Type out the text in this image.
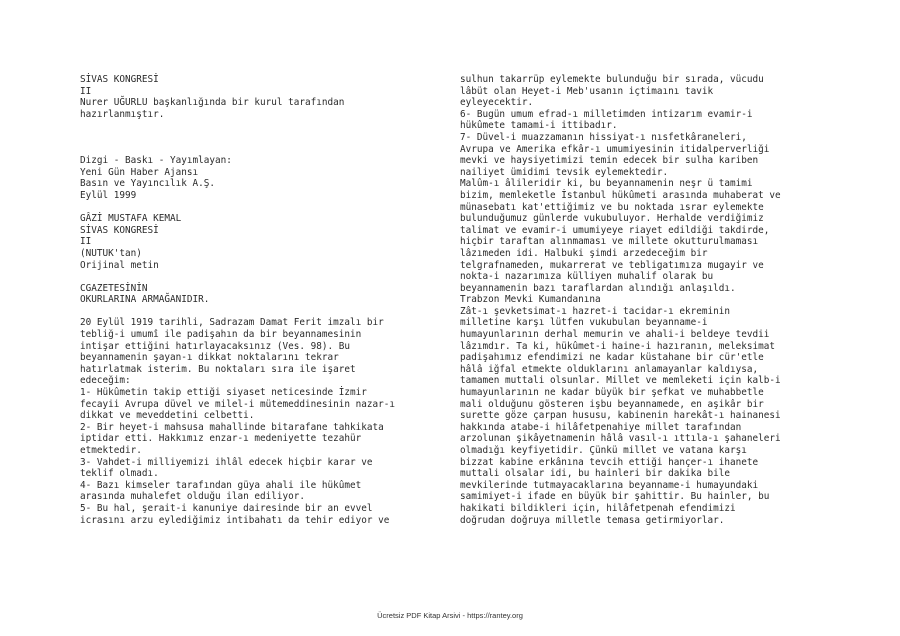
SİVAS KONGRESİ
II
Nurer UĞURLU başkanlığında bir kurul tarafından
hazırlanmıştır.
Dizgi - Baskı - Yayımlayan:
Yeni Gün Haber Ajansı
Basın ve Yayıncılık A.Ş.
Eylül 1999
GÂZİ MUSTAFA KEMAL
SİVAS KONGRESİ
II
(NUTUK'tan)
Orijinal metin
CGAZETESİNİN
OKURLARINA ARMAĞANIDIR.
20 Eylül 1919 tarihli, Sadrazam Damat Ferit imzalı bir
tebliğ-i umumî ile padişahın da bir beyannamesinin
intişar ettiğini hatırlayacaksınız (Ves. 98). Bu
beyannamenin şayan-ı dikkat noktalarını tekrar
hatırlatmak isterim. Bu noktaları sıra ile işaret
edeceğim:
1- Hükûmetin takip ettiği siyaset neticesinde İzmir
fecayii Avrupa düvel ve milel-i mütemeddinesinin nazar-ı
dikkat ve meveddetini celbetti.
2- Bir heyet-i mahsusa mahallinde bitarafane tahkikata
iptidar etti. Hakkımız enzar-ı medeniyette tezahür
etmektedir.
3- Vahdet-i milliyemizi ihlâl edecek hiçbir karar ve
teklif olmadı.
4- Bazı kimseler tarafından güya ahali ile hükûmet
arasında muhalefet olduğu ilan ediliyor.
5- Bu hal, şerait-i kanuniye dairesinde bir an evvel
icrasını arzu eylediğimiz intibahatı da tehir ediyor ve
sulhun takarrüp eylemekte bulunduğu bir sırada, vücudu
lâbüt olan Heyet-i Meb'usanın içtimaını tavik
eyleyecektir.
6- Bugün umum efrad-ı milletimden intizarım evamir-i
hükûmete tamami-i ittibadır.
7- Düvel-i muazzamanın hissiyat-ı nısfetkâraneleri,
Avrupa ve Amerika efkâr-ı umumiyesinin itidalperverliği
mevki ve haysiyetimizi temin edecek bir sulha kariben
nailiyet ümidimi tevsik eylemektedir.
Malûm-ı âlileridir ki, bu beyannamenin neşr ü tamimi
bizim, memleketle İstanbul hükûmeti arasında muhaberat ve
münasebatı kat'ettiğimiz ve bu noktada ısrar eylemekte
bulunduğumuz günlerde vukubuluyor. Herhalde verdiğimiz
talimat ve evamir-i umumiyeye riayet edildiği takdirde,
hiçbir taraftan alınmaması ve millete okutturulmaması
lâzımeden idi. Halbuki şimdi arzedeceğim bir
telgrafnameden, mukarrerat ve tebligatımıza mugayir ve
nokta-i nazarımıza külliyen muhalif olarak bu
beyannamenin bazı taraflardan alındığı anlaşıldı.
Trabzon Mevki Kumandanına
Zât-ı şevketsimat-ı hazret-i tacidar-ı ekreminin
milletine karşı lütfen vukubulan beyanname-i
humayunlarının derhal memurin ve ahali-i beldeye tevdii
lâzımdır. Ta ki, hükûmet-i haine-i hazıranın, meleksimat
padişahımız efendimizi ne kadar küstahane bir cür'etle
hâlâ iğfal etmekte olduklarını anlamayanlar kaldıysa,
tamamen muttali olsunlar. Millet ve memleketi için kalb-i
humayunlarının ne kadar büyük bir şefkat ve muhabbetle
mali olduğunu gösteren işbu beyannamede, en aşikâr bir
surette göze çarpan hususu, kabinenin harekât-ı hainanesi
hakkında atabe-i hilâfetpenahiye millet tarafından
arzolunan şikâyetnamenin hâlâ vasıl-ı ıttıla-ı şahaneleri
olmadığı keyfiyetidir. Çünkü millet ve vatana karşı
bizzat kabine erkânına tevcih ettiği hançer-ı ihanete
muttali olsalar idi, bu hainleri bir dakika bile
mevkilerinde tutmayacaklarına beyanname-i humayundaki
samimiyet-i ifade en büyük bir şahittir. Bu hainler, bu
hakikati bildikleri için, hilâfetpenah efendimizi
doğrudan doğruya milletle temasa getirmiyorlar.
Ücretsiz PDF Kitap Arsivi - https://rantey.org
